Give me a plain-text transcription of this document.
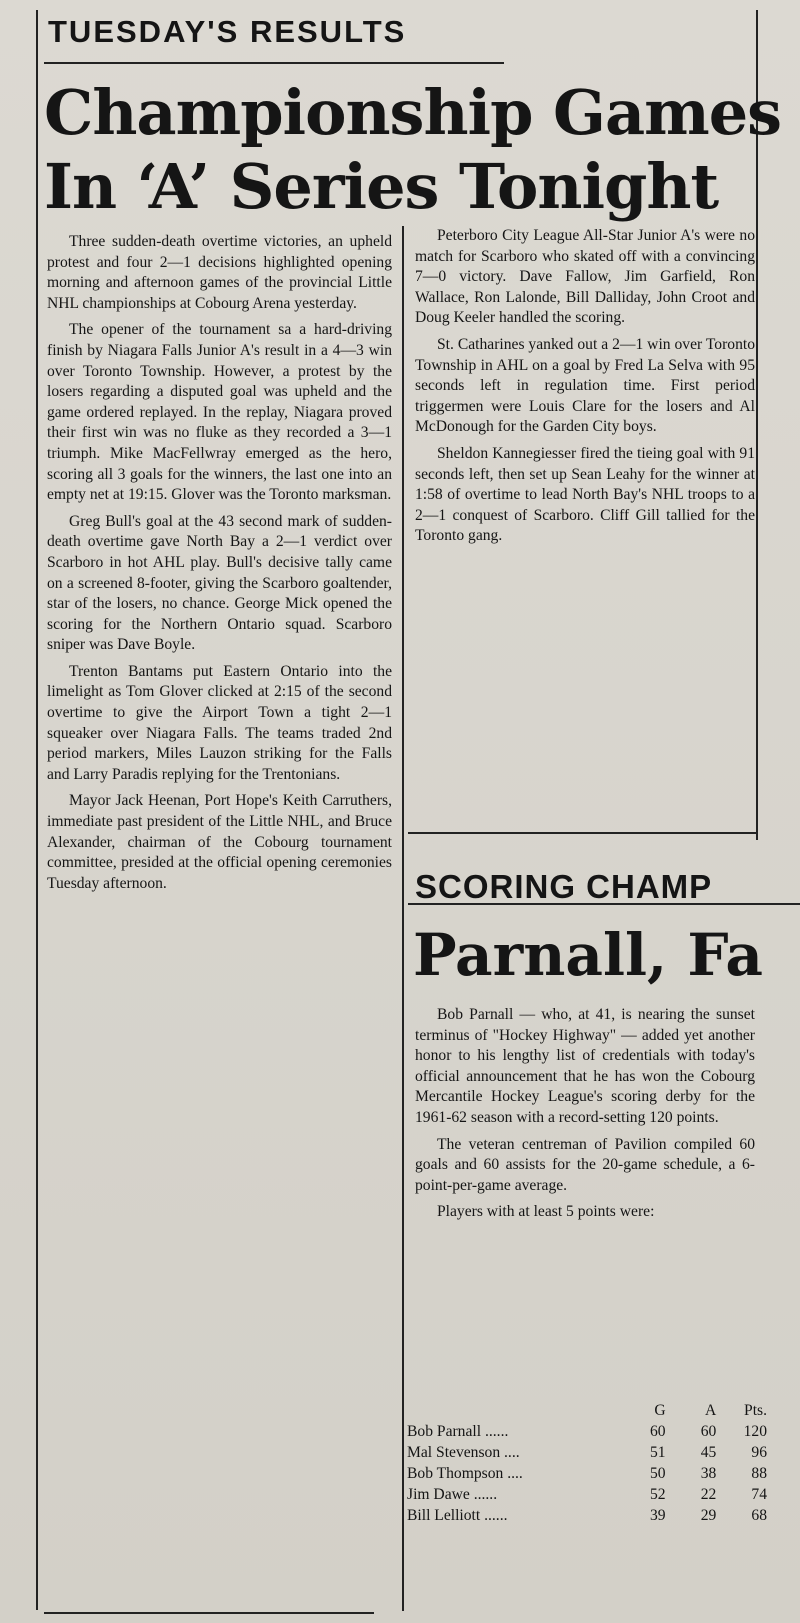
TUESDAY'S RESULTS
Championship Games
In ‘A’ Series Tonight

Three sudden-death overtime victories, an upheld protest and four 2—1 decisions highlighted opening morning and afternoon games of the provincial Little NHL championships at Cobourg Arena yesterday.

The opener of the tournament sa a hard-driving finish by Niagara Falls Junior A's result in a 4—3 win over Toronto Township. However, a protest by the losers regarding a disputed goal was upheld and the game ordered replayed. In the replay, Niagara proved their first win was no fluke as they recorded a 3—1 triumph. Mike MacFellwray emerged as the hero, scoring all 3 goals for the winners, the last one into an empty net at 19:15. Glover was the Toronto marksman.

Greg Bull's goal at the 43 second mark of sudden-death overtime gave North Bay a 2—1 verdict over Scarboro in hot AHL play. Bull's decisive tally came on a screened 8-footer, giving the Scarboro goaltender, star of the losers, no chance. George Mick opened the scoring for the Northern Ontario squad. Scarboro sniper was Dave Boyle.

Trenton Bantams put Eastern Ontario into the limelight as Tom Glover clicked at 2:15 of the second overtime to give the Airport Town a tight 2—1 squeaker over Niagara Falls. The teams traded 2nd period markers, Miles Lauzon striking for the Falls and Larry Paradis replying for the Trentonians.

Mayor Jack Heenan, Port Hope's Keith Carruthers, immediate past president of the Little NHL, and Bruce Alexander, chairman of the Cobourg tournament committee, presided at the official opening ceremonies Tuesday afternoon.

Peterboro City League All-Star Junior A's were no match for Scarboro who skated off with a convincing 7—0 victory. Dave Fallow, Jim Garfield, Ron Wallace, Ron Lalonde, Bill Dalliday, John Croot and Doug Keeler handled the scoring.

St. Catharines yanked out a 2—1 win over Toronto Township in AHL on a goal by Fred La Selva with 95 seconds left in regulation time. First period triggermen were Louis Clare for the losers and Al McDonough for the Garden City boys.

Sheldon Kannegiesser fired the tieing goal with 91 seconds left, then set up Sean Leahy for the winner at 1:58 of overtime to lead North Bay's NHL troops to a 2—1 conquest of Scarboro. Cliff Gill tallied for the Toronto gang.

SCORING CHAMP
Parnall, Fa

Bob Parnall — who, at 41, is nearing the sunset terminus of "Hockey Highway" — added yet another honor to his lengthy list of credentials with today's official announcement that he has won the Cobourg Mercantile Hockey League's scoring derby for the 1961-62 season with a record-setting 120 points.

The veteran centreman of Pavilion compiled 60 goals and 60 assists for the 20-game schedule, a 6-point-per-game average.

Players with at least 5 points were:

	G	A	Pts.
Bob Parnall ......	60	60	120
Mal Stevenson ....	51	45	96
Bob Thompson ....	50	38	88
Jim Dawe ......	52	22	74
Bill Lelliott ......	39	29	68
